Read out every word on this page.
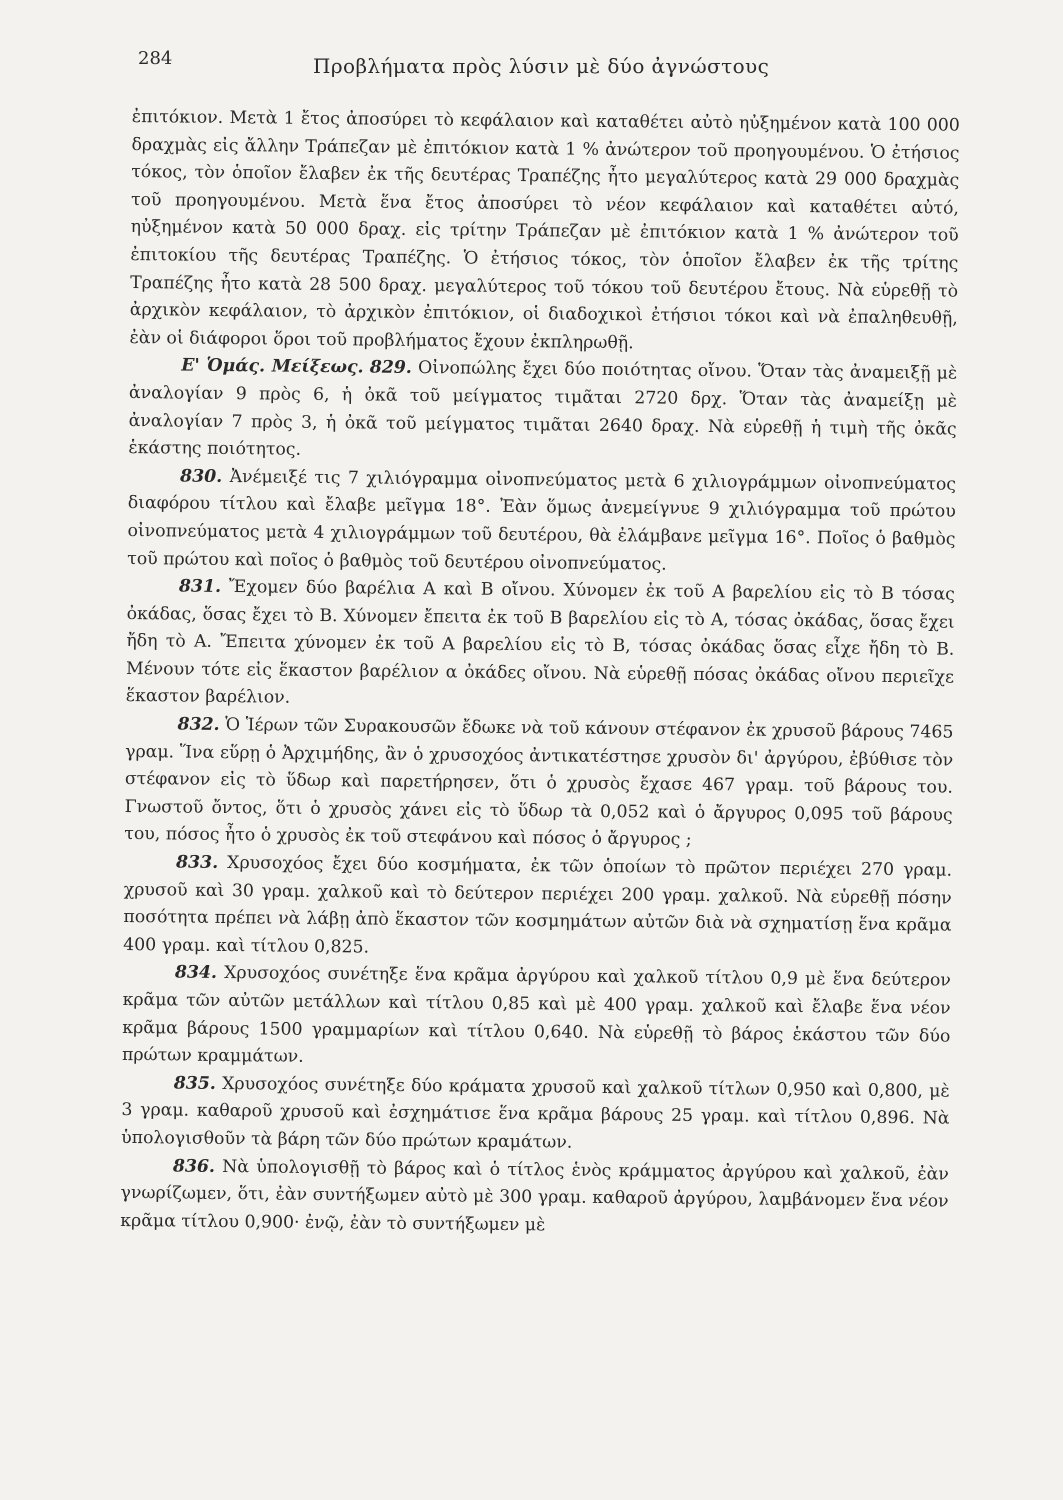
284	Προβλήματα πρὸς λύσιν μὲ δύο ἀγνώστους

ἐπιτόκιον. Μετὰ 1 ἔτος ἀποσύρει τὸ κεφάλαιον καὶ καταθέτει αὐτὸ ηὐξημένον κατὰ 100 000 δραχμὰς εἰς ἄλλην Τράπεζαν μὲ ἐπιτόκιον κατὰ 1 % ἀνώτερον τοῦ προηγουμένου. Ὁ ἐτήσιος τόκος, τὸν ὁποῖον ἔλαβεν ἐκ τῆς δευτέρας Τραπέζης ἦτο μεγαλύτερος κατὰ 29 000 δραχμὰς τοῦ προηγουμένου. Μετὰ ἕνα ἔτος ἀποσύρει τὸ νέον κεφάλαιον καὶ καταθέτει αὐτό, ηὐξημένον κατὰ 50 000 δραχ. εἰς τρίτην Τράπεζαν μὲ ἐπιτόκιον κατὰ 1 % ἀνώτερον τοῦ ἐπιτοκίου τῆς δευτέρας Τραπέζης. Ὁ ἐτήσιος τόκος, τὸν ὁποῖον ἔλαβεν ἐκ τῆς τρίτης Τραπέζης ἦτο κατὰ 28 500 δραχ. μεγαλύτερος τοῦ τόκου τοῦ δευτέρου ἔτους. Νὰ εὑρεθῇ τὸ ἀρχικὸν κεφάλαιον, τὸ ἀρχικὸν ἐπιτόκιον, οἱ διαδοχικοὶ ἐτήσιοι τόκοι καὶ νὰ ἐπαληθευθῇ, ἐὰν οἱ διάφοροι ὅροι τοῦ προβλήματος ἔχουν ἐκπληρωθῇ.

Ε' Ὁμάς. Μείξεως. 829. Οἰνοπώλης ἔχει δύο ποιότητας οἴνου. Ὅταν τὰς ἀναμειξῇ μὲ ἀναλογίαν 9 πρὸς 6, ἡ ὀκᾶ τοῦ μείγματος τιμᾶται 2720 δρχ. Ὅταν τὰς ἀναμείξῃ μὲ ἀναλογίαν 7 πρὸς 3, ἡ ὀκᾶ τοῦ μείγματος τιμᾶται 2640 δραχ. Νὰ εὑρεθῇ ἡ τιμὴ τῆς ὀκᾶς ἑκάστης ποιότητος.

830. Ἀνέμειξέ τις 7 χιλιόγραμμα οἰνοπνεύματος μετὰ 6 χιλιογράμμων οἰνοπνεύματος διαφόρου τίτλου καὶ ἔλαβε μεῖγμα 18°. Ἐὰν ὅμως ἀνεμείγνυε 9 χιλιόγραμμα τοῦ πρώτου οἰνοπνεύματος μετὰ 4 χιλιογράμμων τοῦ δευτέρου, θὰ ἐλάμβανε μεῖγμα 16°. Ποῖος ὁ βαθμὸς τοῦ πρώτου καὶ ποῖος ὁ βαθμὸς τοῦ δευτέρου οἰνοπνεύματος.

831. Ἔχομεν δύο βαρέλια Α καὶ Β οἴνου. Χύνομεν ἐκ τοῦ Α βαρελίου εἰς τὸ Β τόσας ὀκάδας, ὅσας ἔχει τὸ Β. Χύνομεν ἔπειτα ἐκ τοῦ Β βαρελίου εἰς τὸ Α, τόσας ὀκάδας, ὅσας ἔχει ἤδη τὸ Α. Ἔπειτα χύνομεν ἐκ τοῦ Α βαρελίου εἰς τὸ Β, τόσας ὀκάδας ὅσας εἶχε ἤδη τὸ Β. Μένουν τότε εἰς ἕκαστον βαρέλιον α ὀκάδες οἴνου. Νὰ εὑρεθῇ πόσας ὀκάδας οἴνου περιεῖχε ἕκαστον βαρέλιον.

832. Ὁ Ἱέρων τῶν Συρακουσῶν ἔδωκε νὰ τοῦ κάνουν στέφανον ἐκ χρυσοῦ βάρους 7465 γραμ. Ἵνα εὕρῃ ὁ Ἀρχιμήδης, ἂν ὁ χρυσοχόος ἀντικατέστησε χρυσὸν δι' ἀργύρου, ἐβύθισε τὸν στέφανον εἰς τὸ ὕδωρ καὶ παρετήρησεν, ὅτι ὁ χρυσὸς ἔχασε 467 γραμ. τοῦ βάρους του. Γνωστοῦ ὄντος, ὅτι ὁ χρυσὸς χάνει εἰς τὸ ὕδωρ τὰ 0,052 καὶ ὁ ἄργυρος 0,095 τοῦ βάρους του, πόσος ἦτο ὁ χρυσὸς ἐκ τοῦ στεφάνου καὶ πόσος ὁ ἄργυρος ;

833. Χρυσοχόος ἔχει δύο κοσμήματα, ἐκ τῶν ὁποίων τὸ πρῶτον περιέχει 270 γραμ. χρυσοῦ καὶ 30 γραμ. χαλκοῦ καὶ τὸ δεύτερον περιέχει 200 γραμ. χαλκοῦ. Νὰ εὑρεθῇ πόσην ποσότητα πρέπει νὰ λάβῃ ἀπὸ ἕκαστον τῶν κοσμημάτων αὐτῶν διὰ νὰ σχηματίσῃ ἕνα κρᾶμα 400 γραμ. καὶ τίτλου 0,825.

834. Χρυσοχόος συνέτηξε ἕνα κρᾶμα ἀργύρου καὶ χαλκοῦ τίτλου 0,9 μὲ ἕνα δεύτερον κρᾶμα τῶν αὐτῶν μετάλλων καὶ τίτλου 0,85 καὶ μὲ 400 γραμ. χαλκοῦ καὶ ἔλαβε ἕνα νέον κρᾶμα βάρους 1500 γραμμαρίων καὶ τίτλου 0,640. Νὰ εὑρεθῇ τὸ βάρος ἑκάστου τῶν δύο πρώτων κραμμάτων.

835. Χρυσοχόος συνέτηξε δύο κράματα χρυσοῦ καὶ χαλκοῦ τίτλων 0,950 καὶ 0,800, μὲ 3 γραμ. καθαροῦ χρυσοῦ καὶ ἐσχημάτισε ἕνα κρᾶμα βάρους 25 γραμ. καὶ τίτλου 0,896. Νὰ ὑπολογισθοῦν τὰ βάρη τῶν δύο πρώτων κραμάτων.

836. Νὰ ὑπολογισθῇ τὸ βάρος καὶ ὁ τίτλος ἑνὸς κράμματος ἀργύρου καὶ χαλκοῦ, ἐὰν γνωρίζωμεν, ὅτι, ἐὰν συντήξωμεν αὐτὸ μὲ 300 γραμ. καθαροῦ ἀργύρου, λαμβάνομεν ἕνα νέον κρᾶμα τίτλου 0,900· ἐνῷ, ἐὰν τὸ συντήξωμεν μὲ
